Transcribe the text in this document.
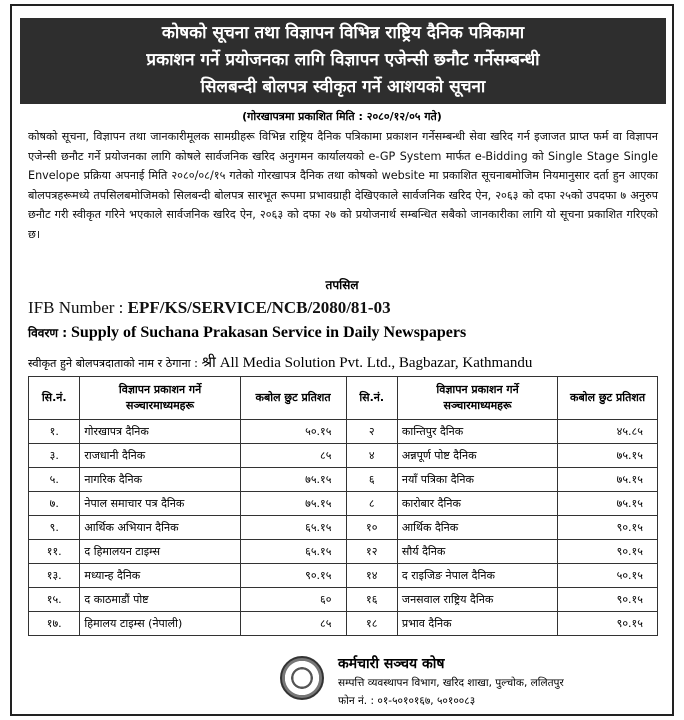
कोषको सूचना तथा विज्ञापन विभिन्न राष्ट्रिय दैनिक पत्रिकामा
प्रकाशन गर्ने प्रयोजनका लागि विज्ञापन एजेन्सी छनौट गर्नेसम्बन्धी
सिलबन्दी बोलपत्र स्वीकृत गर्ने आशयको सूचना
(गोरखापत्रमा प्रकाशित मिति : २०८०/१२/०५ गते)
कोषको सूचना, विज्ञापन तथा जानकारीमूलक सामग्रीहरू विभिन्न राष्ट्रिय दैनिक पत्रिकामा प्रकाशन गर्नेसम्बन्धी सेवा खरिद गर्न इजाजत प्राप्त फर्म वा विज्ञापन एजेन्सी छनौट गर्ने प्रयोजनका लागि कोषले सार्वजनिक खरिद अनुगमन कार्यालयको e-GP System मार्फत e-Bidding को Single Stage Single Envelope प्रक्रिया अपनाई मिति २०८०/०८/१५ गतेको गोरखापत्र दैनिक तथा कोषको website मा प्रकाशित सूचनाबमोजिम नियमानुसार दर्ता हुन आएका बोलपत्रहरूमध्ये तपसिलबमोजिमको सिलबन्दी बोलपत्र सारभूत रूपमा प्रभावग्राही देखिएकाले सार्वजनिक खरिद ऐन, २०६३ को दफा २५को उपदफा ७ अनुरुप छनौट गरी स्वीकृत गरिने भएकाले सार्वजनिक खरिद ऐन, २०६३ को दफा २७ को प्रयोजनार्थ सम्बन्धित सबैको जानकारीका लागि यो सूचना प्रकाशित गरिएको छ।
तपसिल
IFB Number : EPF/KS/SERVICE/NCB/2080/81-03
विवरण : Supply of Suchana Prakasan Service in Daily Newspapers
स्वीकृत हुने बोलपत्रदाताको नाम र ठेगाना : श्री All Media Solution Pvt. Ltd., Bagbazar, Kathmandu
सि.नं.	विज्ञापन प्रकाशन गर्ने सञ्चारमाध्यमहरू	कबोल छुट प्रतिशत	सि.नं.	विज्ञापन प्रकाशन गर्ने सञ्चारमाध्यमहरू	कबोल छुट प्रतिशत
१.	गोरखापत्र दैनिक	५०.१५	२	कान्तिपुर दैनिक	४५.८५
३.	राजधानी दैनिक	८५	४	अन्नपूर्ण पोष्ट दैनिक	७५.१५
५.	नागरिक दैनिक	७५.१५	६	नयाँ पत्रिका दैनिक	७५.१५
७.	नेपाल समाचार पत्र दैनिक	७५.१५	८	कारोबार दैनिक	७५.१५
९.	आर्थिक अभियान दैनिक	६५.१५	१०	आर्थिक दैनिक	९०.१५
११.	द हिमालयन टाइम्स	६५.१५	१२	सौर्य दैनिक	९०.१५
१३.	मध्यान्ह दैनिक	९०.१५	१४	द राइजिङ नेपाल दैनिक	५०.१५
१५.	द काठमाडौं पोष्ट	६०	१६	जनसवाल राष्ट्रिय दैनिक	९०.१५
१७.	हिमालय टाइम्स (नेपाली)	८५	१८	प्रभाव दैनिक	९०.१५
कर्मचारी सञ्चय कोष
सम्पत्ति व्यवस्थापन विभाग, खरिद शाखा, पुल्चोक, ललितपुर
फोन नं. : ०१-५०१०१६७, ५०१००८३
